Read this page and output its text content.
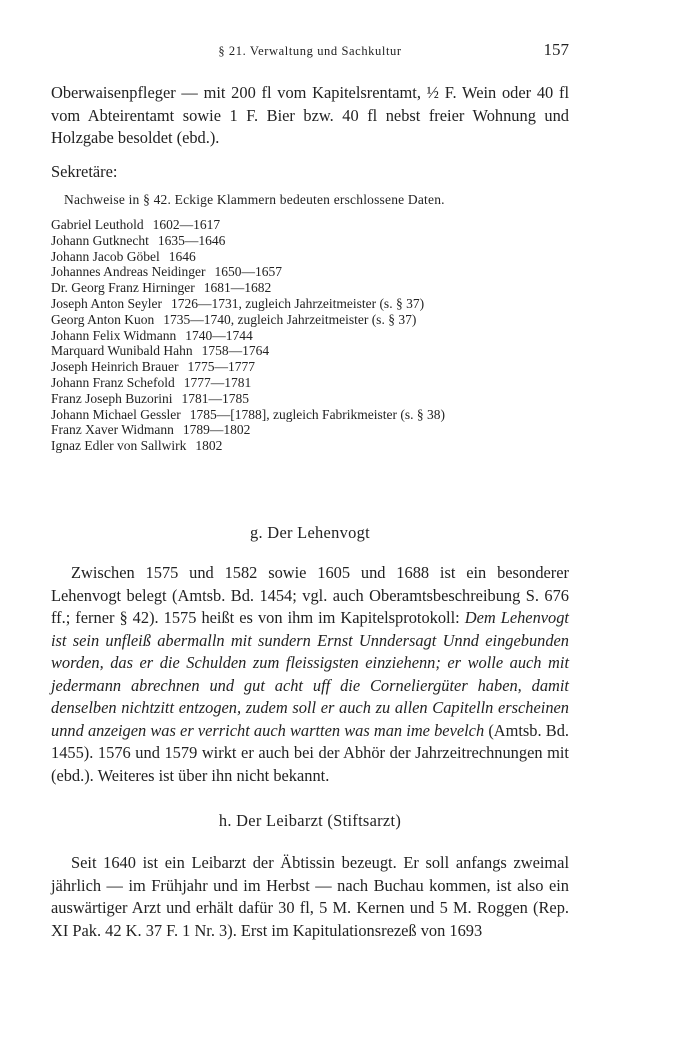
§ 21. Verwaltung und Sachkultur	157
Oberwaisenpfleger — mit 200 fl vom Kapitelsrentamt, ½ F. Wein oder 40 fl vom Abteirentamt sowie 1 F. Bier bzw. 40 fl nebst freier Wohnung und Holzgabe besoldet (ebd.).
Sekretäre:
Nachweise in § 42. Eckige Klammern bedeuten erschlossene Daten.
Gabriel Leuthold 1602—1617
Johann Gutknecht 1635—1646
Johann Jacob Göbel 1646
Johannes Andreas Neidinger 1650—1657
Dr. Georg Franz Hirninger 1681—1682
Joseph Anton Seyler 1726—1731, zugleich Jahrzeitmeister (s. § 37)
Georg Anton Kuon 1735—1740, zugleich Jahrzeitmeister (s. § 37)
Johann Felix Widmann 1740—1744
Marquard Wunibald Hahn 1758—1764
Joseph Heinrich Brauer 1775—1777
Johann Franz Schefold 1777—1781
Franz Joseph Buzorini 1781—1785
Johann Michael Gessler 1785—[1788], zugleich Fabrikmeister (s. § 38)
Franz Xaver Widmann 1789—1802
Ignaz Edler von Sallwirk 1802
g. Der Lehenvogt
Zwischen 1575 und 1582 sowie 1605 und 1688 ist ein besonderer Lehenvogt belegt (Amtsb. Bd. 1454; vgl. auch Oberamtsbeschreibung S. 676 ff.; ferner § 42). 1575 heißt es von ihm im Kapitelsprotokoll: Dem Lehenvogt ist sein unfleiß abermalln mit sundern Ernst Unndersagt Unnd eingebunden worden, das er die Schulden zum fleissigsten einziehenn; er wolle auch mit jedermann abrechnen und gut acht uff die Corneliergüter haben, damit denselben nichtzitt entzogen, zudem soll er auch zu allen Capitelln erscheinen unnd anzeigen was er verricht auch wartten was man ime bevelch (Amtsb. Bd. 1455). 1576 und 1579 wirkt er auch bei der Abhör der Jahrzeitrechnungen mit (ebd.). Weiteres ist über ihn nicht bekannt.
h. Der Leibarzt (Stiftsarzt)
Seit 1640 ist ein Leibarzt der Äbtissin bezeugt. Er soll anfangs zweimal jährlich — im Frühjahr und im Herbst — nach Buchau kommen, ist also ein auswärtiger Arzt und erhält dafür 30 fl, 5 M. Kernen und 5 M. Roggen (Rep. XI Pak. 42 K. 37 F. 1 Nr. 3). Erst im Kapitulationsrezeß von 1693
